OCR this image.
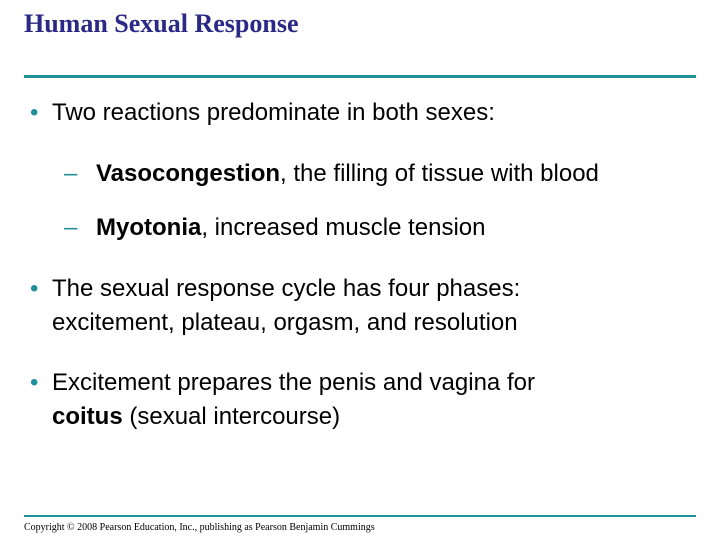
Human Sexual Response
• Two reactions predominate in both sexes:
– Vasocongestion, the filling of tissue with blood
– Myotonia, increased muscle tension
• The sexual response cycle has four phases:
excitement, plateau, orgasm, and resolution
• Excitement prepares the penis and vagina for
coitus (sexual intercourse)
Copyright © 2008 Pearson Education, Inc., publishing as Pearson Benjamin Cummings
